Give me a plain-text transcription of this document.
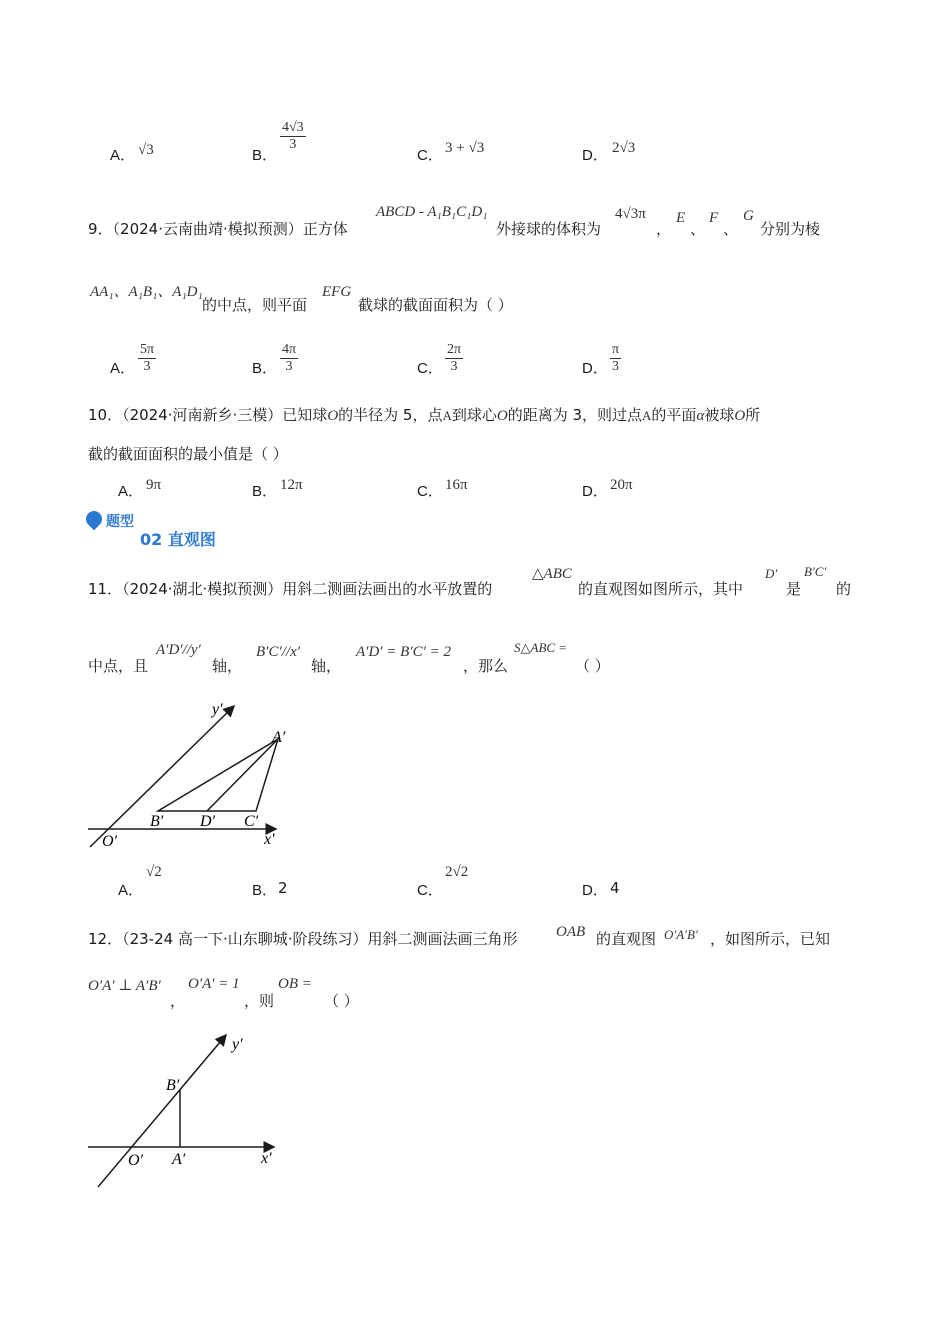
A． √3	B．
$\frac{4√3}{3}$
C． 3 + √3	D． 2√3
9．（2024·云南曲靖·模拟预测）正方体
ABCD - A₁B₁C₁D₁
外接球的体积为
4√3π
，
E
、
F
、
G
分别为棱
AA₁、A₁B₁、A₁D₁
的中点，则平面
EFG
截球的截面面积为（ ）
A． $\frac{5\pi}{3}$	B． $\frac{4\pi}{3}$	C． $\frac{2\pi}{3}$	D． $\frac{\pi}{3}$
10．（2024·河南新乡·三模）已知球O的半径为 5，点A到球心O的距离为 3，则过点A的平面α被球O所
截的截面面积的最小值是（ ）
A． 9π	B． 12π	C． 16π	D． 20π
题型
02 直观图
11．（2024·湖北·模拟预测）用斜二测画法画出的水平放置的
△ABC
的直观图如图所示，其中
D′
是
B′C′
的
中点，且
A′D′//y′
轴，
B′C′//x′
轴，
A′D′ = B′C′ = 2
，那么
S△ABC =
（ ）
y′
x′
O′
A′
B′ D′ C′
A．
√2
B． 2	C．
2√2
D． 4
12．（23-24 高一下·山东聊城·阶段练习）用斜二测画法画三角形	OAB 的直观图 O′A′B′ ，如图所示，已知
O′A′ ⊥ A′B′
，
O′A′ = 1
，则
OB =
（ ）
y′
x′
O′ A′
B′
